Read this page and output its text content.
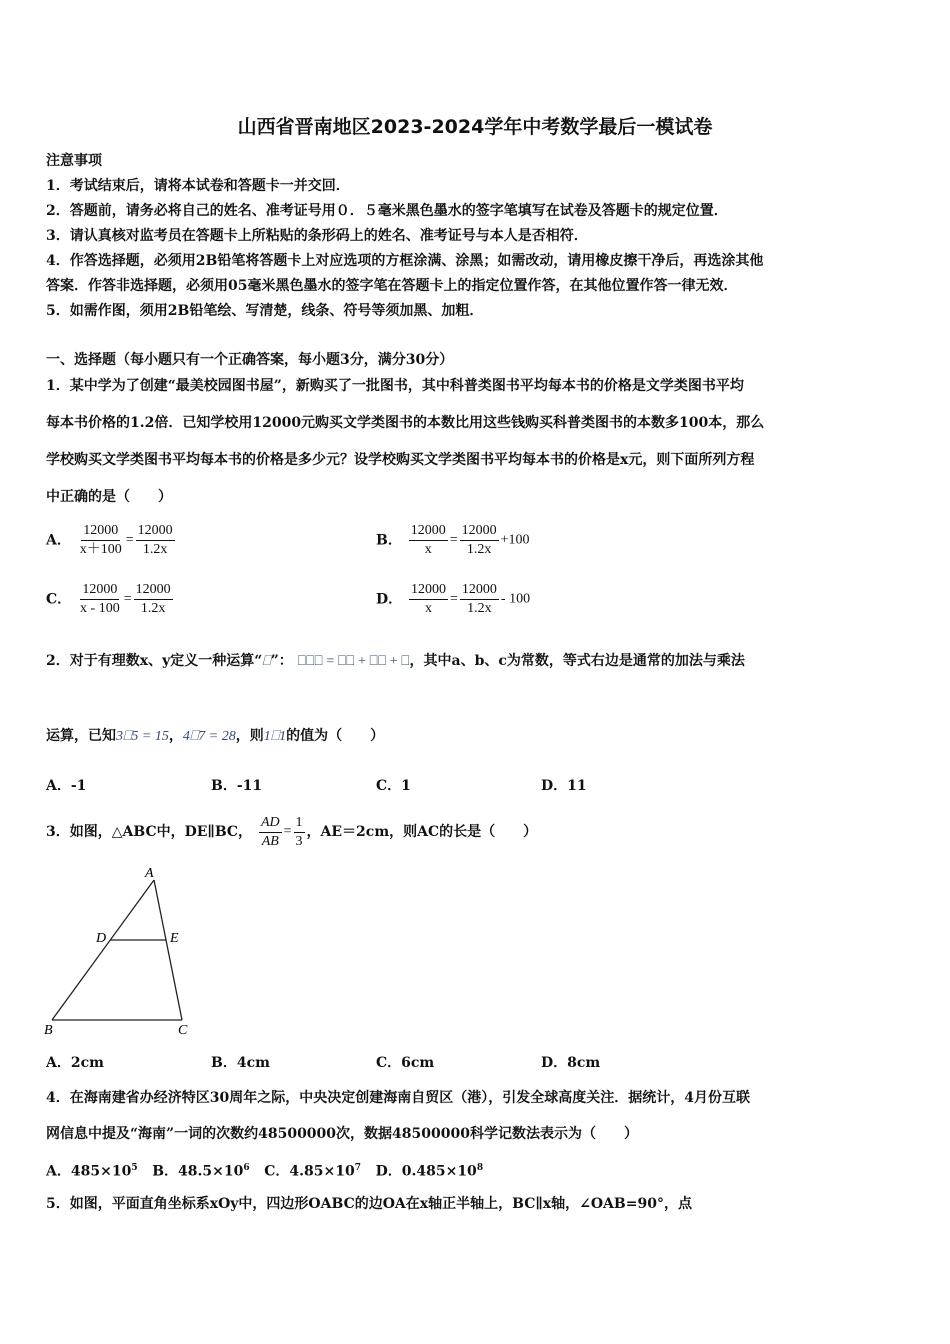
山西省晋南地区2023-2024学年中考数学最后一模试卷
注意事项
1．考试结束后，请将本试卷和答题卡一并交回．
2．答题前，请务必将自己的姓名、准考证号用０．５毫米黑色墨水的签字笔填写在试卷及答题卡的规定位置．
3．请认真核对监考员在答题卡上所粘贴的条形码上的姓名、准考证号与本人是否相符．
4．作答选择题，必须用2B铅笔将答题卡上对应选项的方框涂满、涂黑；如需改动，请用橡皮擦干净后，再选涂其他
答案．作答非选择题，必须用05毫米黑色墨水的签字笔在答题卡上的指定位置作答，在其他位置作答一律无效．
5．如需作图，须用2B铅笔绘、写清楚，线条、符号等须加黑、加粗．
一、选择题（每小题只有一个正确答案，每小题3分，满分30分）
1．某中学为了创建“最美校园图书屋”，新购买了一批图书，其中科普类图书平均每本书的价格是文学类图书平均
每本书价格的1.2倍．已知学校用12000元购买文学类图书的本数比用这些钱购买科普类图书的本数多100本，那么
学校购买文学类图书平均每本书的价格是多少元？设学校购买文学类图书平均每本书的价格是x元，则下面所列方程
中正确的是（　　）
A． $\frac{12000}{x+100} = \frac{12000}{1.2x}$	B． $\frac{12000}{x} = \frac{12000}{1.2x} +100$
C． $\frac{12000}{x - 100} = \frac{12000}{1.2x}$	D． $\frac{12000}{x} = \frac{12000}{1.2x} - 100$
2．对于有理数x、y定义一种运算“⎕”： ⎕⎕⎕ = ⎕⎕ + ⎕⎕ + ⎕，其中a、b、c为常数，等式右边是通常的加法与乘法
运算，已知3⎕5 = 15，4⎕7 = 28，则1⎕1的值为（　　）
A．-1	B．-11	C．1	D．11
3．如图，△ABC中，DE∥BC， $\frac{AD}{AB} = \frac{1}{3}$ ，AE＝2cm，则AC的长是（　　）
A
D	E
B	C
A．2cm	B．4cm	C．6cm	D．8cm
4．在海南建省办经济特区30周年之际，中央决定创建海南自贸区（港），引发全球高度关注．据统计，4月份互联
网信息中提及“海南”一词的次数约48500000次，数据48500000科学记数法表示为（　　）
A．$485\times 10^5$ B．$48.5\times 10^6$ C．$4.85\times 10^7$ D．$0.485\times 10^8$
5．如图，平面直角坐标系xOy中，四边形OABC的边OA在x轴正半轴上，BC∥x轴，∠OAB=90°，点
